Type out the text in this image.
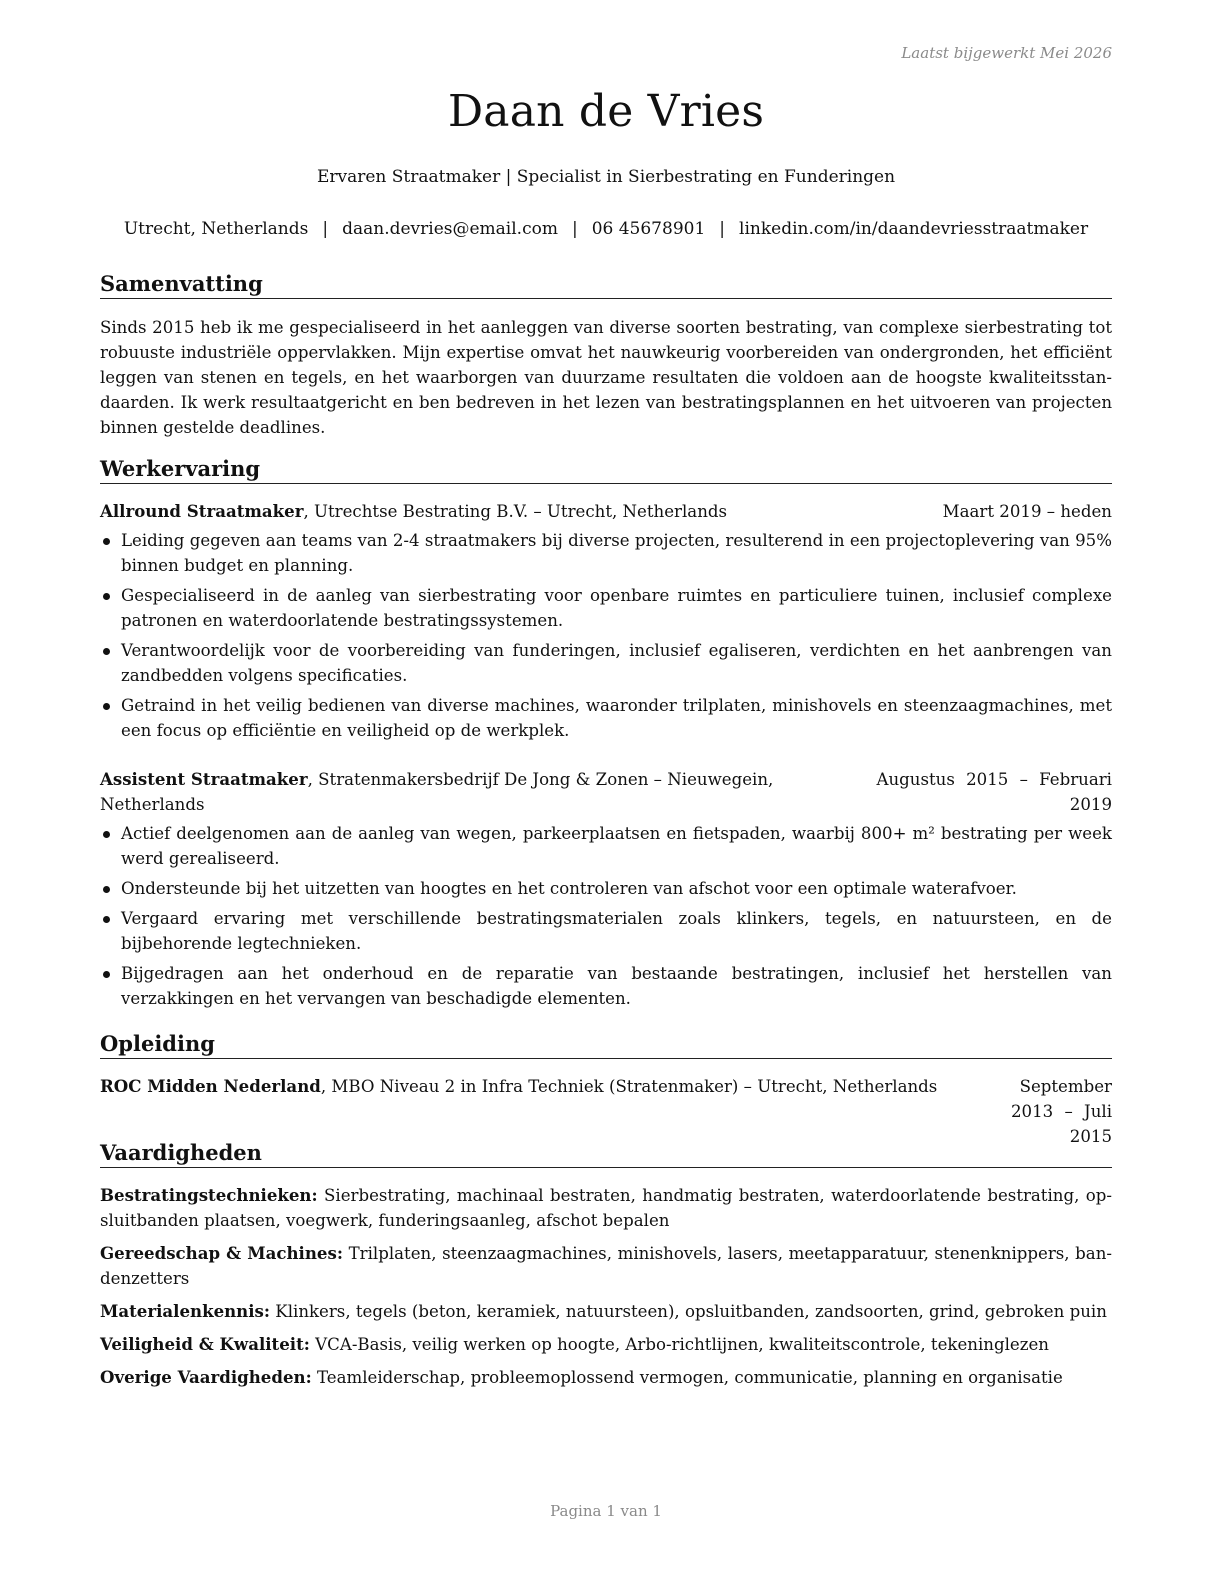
Laatst bijgewerkt Mei 2026
Daan de Vries
Ervaren Straatmaker | Specialist in Sierbestrating en Funderingen
Utrecht, Netherlands | daan.devries@email.com | 06 45678901 | linkedin.com/in/daandevriesstraatmaker
Samenvatting
Sinds 2015 heb ik me gespecialiseerd in het aanleggen van diverse soorten bestrating, van complexe sierbestrating tot robuuste industriële oppervlakken. Mijn expertise omvat het nauwkeurig voorbereiden van ondergronden, het efficiënt leggen van stenen en tegels, en het waarborgen van duurzame resultaten die voldoen aan de hoogste kwaliteitsstan-daarden. Ik werk resultaatgericht en ben bedreven in het lezen van bestratingsplannen en het uitvoeren van projecten binnen gestelde deadlines.
Werkervaring
Allround Straatmaker, Utrechtse Bestrating B.V. – Utrecht, Netherlands	Maart 2019 – heden
Leiding gegeven aan teams van 2-4 straatmakers bij diverse projecten, resulterend in een projectoplevering van 95% binnen budget en planning.
Gespecialiseerd in de aanleg van sierbestrating voor openbare ruimtes en particuliere tuinen, inclusief complexe patronen en waterdoorlatende bestratingssystemen.
Verantwoordelijk voor de voorbereiding van funderingen, inclusief egaliseren, verdichten en het aanbrengen van zandbedden volgens specificaties.
Getraind in het veilig bedienen van diverse machines, waaronder trilplaten, minishovels en steenzaagmachines, met een focus op efficiëntie en veiligheid op de werkplek.
Assistent Straatmaker, Stratenmakersbedrijf De Jong & Zonen – Nieuwegein, Netherlands
Augustus 2015 – Februari 2019
Actief deelgenomen aan de aanleg van wegen, parkeerplaatsen en fietspaden, waarbij 800+ m² bestrating per week werd gerealiseerd.
Ondersteunde bij het uitzetten van hoogtes en het controleren van afschot voor een optimale waterafvoer.
Vergaard ervaring met verschillende bestratingsmaterialen zoals klinkers, tegels, en natuursteen, en de bijbehorende legtechnieken.
Bijgedragen aan het onderhoud en de reparatie van bestaande bestratingen, inclusief het herstellen van verzakkingen en het vervangen van beschadigde elementen.
Opleiding
ROC Midden Nederland, MBO Niveau 2 in Infra Techniek (Stratenmaker) – Utrecht, Netherlands	September 2013 – Juli 2015
Vaardigheden
Bestratingstechnieken: Sierbestrating, machinaal bestraten, handmatig bestraten, waterdoorlatende bestrating, op-sluitbanden plaatsen, voegwerk, funderingsaanleg, afschot bepalen
Gereedschap & Machines: Trilplaten, steenzaagmachines, minishovels, lasers, meetapparatuur, stenenknippers, ban-denzetters
Materialenkennis: Klinkers, tegels (beton, keramiek, natuursteen), opsluitbanden, zandsoorten, grind, gebroken puin
Veiligheid & Kwaliteit: VCA-Basis, veilig werken op hoogte, Arbo-richtlijnen, kwaliteitscontrole, tekeninglezen
Overige Vaardigheden: Teamleiderschap, probleemoplossend vermogen, communicatie, planning en organisatie
Pagina 1 van 1
